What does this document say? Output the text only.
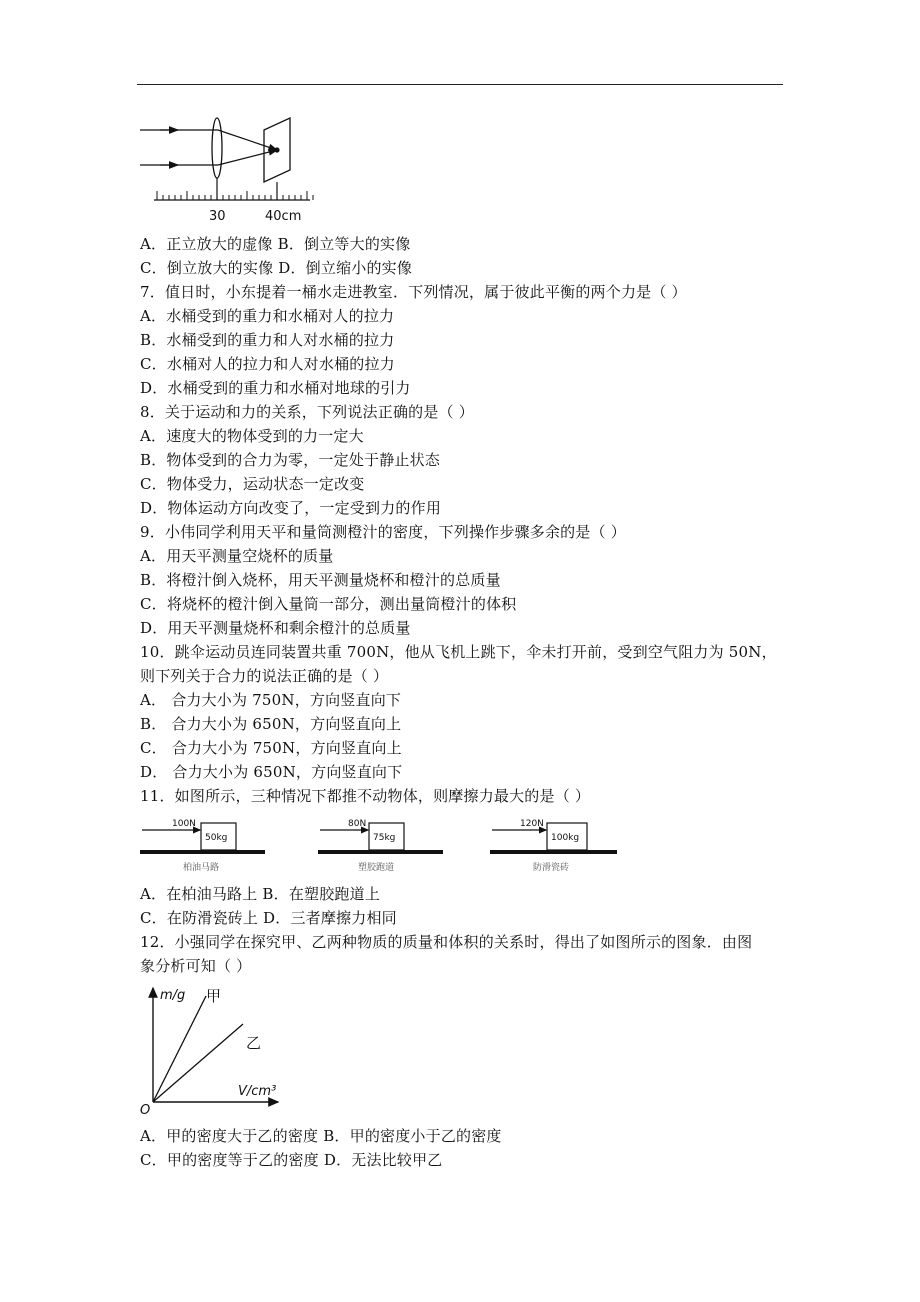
30	40cm
A．正立放大的虚像 B．倒立等大的实像
C．倒立放大的实像 D．倒立缩小的实像
7．值日时，小东提着一桶水走进教室．下列情况，属于彼此平衡的两个力是（ ）
A．水桶受到的重力和水桶对人的拉力
B．水桶受到的重力和人对水桶的拉力
C．水桶对人的拉力和人对水桶的拉力
D．水桶受到的重力和水桶对地球的引力
8．关于运动和力的关系，下列说法正确的是（ ）
A．速度大的物体受到的力一定大
B．物体受到的合力为零，一定处于静止状态
C．物体受力，运动状态一定改变
D．物体运动方向改变了，一定受到力的作用
9．小伟同学利用天平和量筒测橙汁的密度，下列操作步骤多余的是（ ）
A．用天平测量空烧杯的质量
B．将橙汁倒入烧杯，用天平测量烧杯和橙汁的总质量
C．将烧杯的橙汁倒入量筒一部分，测出量筒橙汁的体积
D．用天平测量烧杯和剩余橙汁的总质量
10．跳伞运动员连同装置共重 700N，他从飞机上跳下，伞未打开前，受到空气阻力为 50N，
则下列关于合力的说法正确的是（ ）
A． 合力大小为 750N，方向竖直向下
B． 合力大小为 650N，方向竖直向上
C． 合力大小为 750N，方向竖直向上
D． 合力大小为 650N，方向竖直向下
11．如图所示，三种情况下都推不动物体，则摩擦力最大的是（ ）
100N
50kg
柏油马路
80N
75kg
塑胶跑道
120N
100kg
防滑瓷砖
A．在柏油马路上 B．在塑胶跑道上
C．在防滑瓷砖上 D．三者摩擦力相同
12．小强同学在探究甲、乙两种物质的质量和体积的关系时，得出了如图所示的图象．由图
象分析可知（ ）
m/g
V/cm³
O
甲
乙
A．甲的密度大于乙的密度 B．甲的密度小于乙的密度
C．甲的密度等于乙的密度 D．无法比较甲乙
